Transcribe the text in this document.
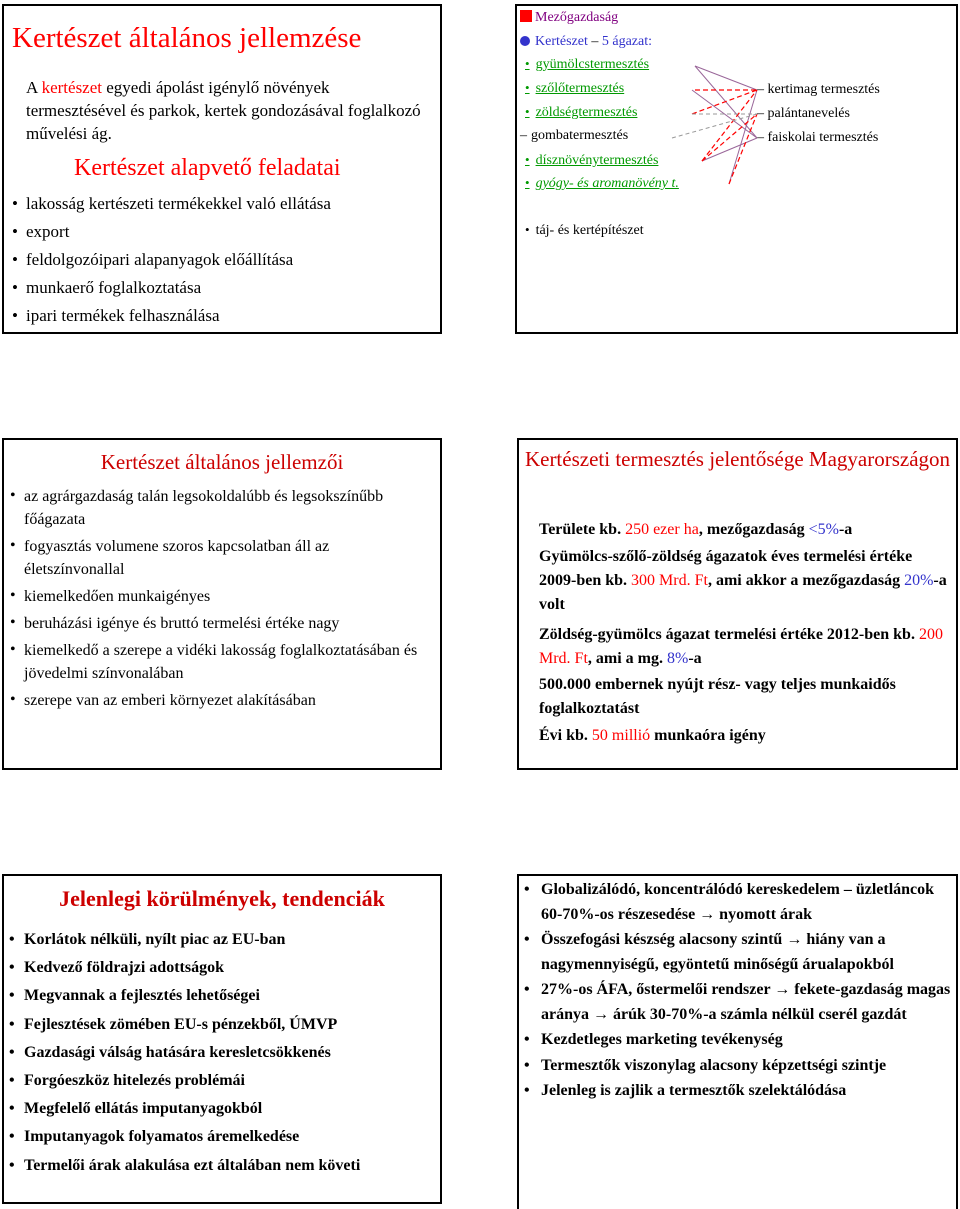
Kertészet általános jellemzése
A kertészet egyedi ápolást igénylő növények termesztésével és parkok, kertek gondozásával foglalkozó művelési ág.
Kertészet alapvető feladatai
• lakosság kertészeti termékekkel való ellátása
• export
• feldolgozóipari alapanyagok előállítása
• munkaerő foglalkoztatása
• ipari termékek felhasználása
Mezőgazdaság
Kertészet – 5 ágazat:
• gyümölcstermesztés
• szőlőtermesztés
• zöldségtermesztés
– gombatermesztés
• dísznövénytermesztés
• gyógy- és aromanövény t.
– kertimag termesztés
– palántanevelés
– faiskolai termesztés
• táj- és kertépítészet
Kertészet általános jellemzői
• az agrárgazdaság talán legsokoldalúbb és legsokszínűbb főágazata
• fogyasztás volumene szoros kapcsolatban áll az életszínvonallal
• kiemelkedően munkaigényes
• beruházási igénye és bruttó termelési értéke nagy
• kiemelkedő a szerepe a vidéki lakosság foglalkoztatásában és jövedelmi színvonalában
• szerepe van az emberi környezet alakításában
Kertészeti termesztés jelentősége Magyarországon
Területe kb. 250 ezer ha, mezőgazdaság <5%-a
Gyümölcs-szőlő-zöldség ágazatok éves termelési értéke 2009-ben kb. 300 Mrd. Ft, ami akkor a mezőgazdaság 20%-a volt
Zöldség-gyümölcs ágazat termelési értéke 2012-ben kb. 200 Mrd. Ft, ami a mg. 8%-a
500.000 embernek nyújt rész- vagy teljes munkaidős foglalkoztatást
Évi kb. 50 millió munkaóra igény
Jelenlegi körülmények, tendenciák
• Korlátok nélküli, nyílt piac az EU-ban
• Kedvező földrajzi adottságok
• Megvannak a fejlesztés lehetőségei
• Fejlesztések zömében EU-s pénzekből, ÚMVP
• Gazdasági válság hatására keresletcsökkenés
• Forgóeszköz hitelezés problémái
• Megfelelő ellátás imputanyagokból
• Imputanyagok folyamatos áremelkedése
• Termelői árak alakulása ezt általában nem követi
• Globalizálódó, koncentrálódó kereskedelem – üzletláncok 60-70%-os részesedése → nyomott árak
• Összefogási készség alacsony szintű → hiány van a nagymennyiségű, egyöntetű minőségű árualapokból
• 27%-os ÁFA, őstermelői rendszer → fekete-gazdaság magas aránya → árúk 30-70%-a számla nélkül cserél gazdát
• Kezdetleges marketing tevékenység
• Termesztők viszonylag alacsony képzettségi szintje
• Jelenleg is zajlik a termesztők szelektálódása
